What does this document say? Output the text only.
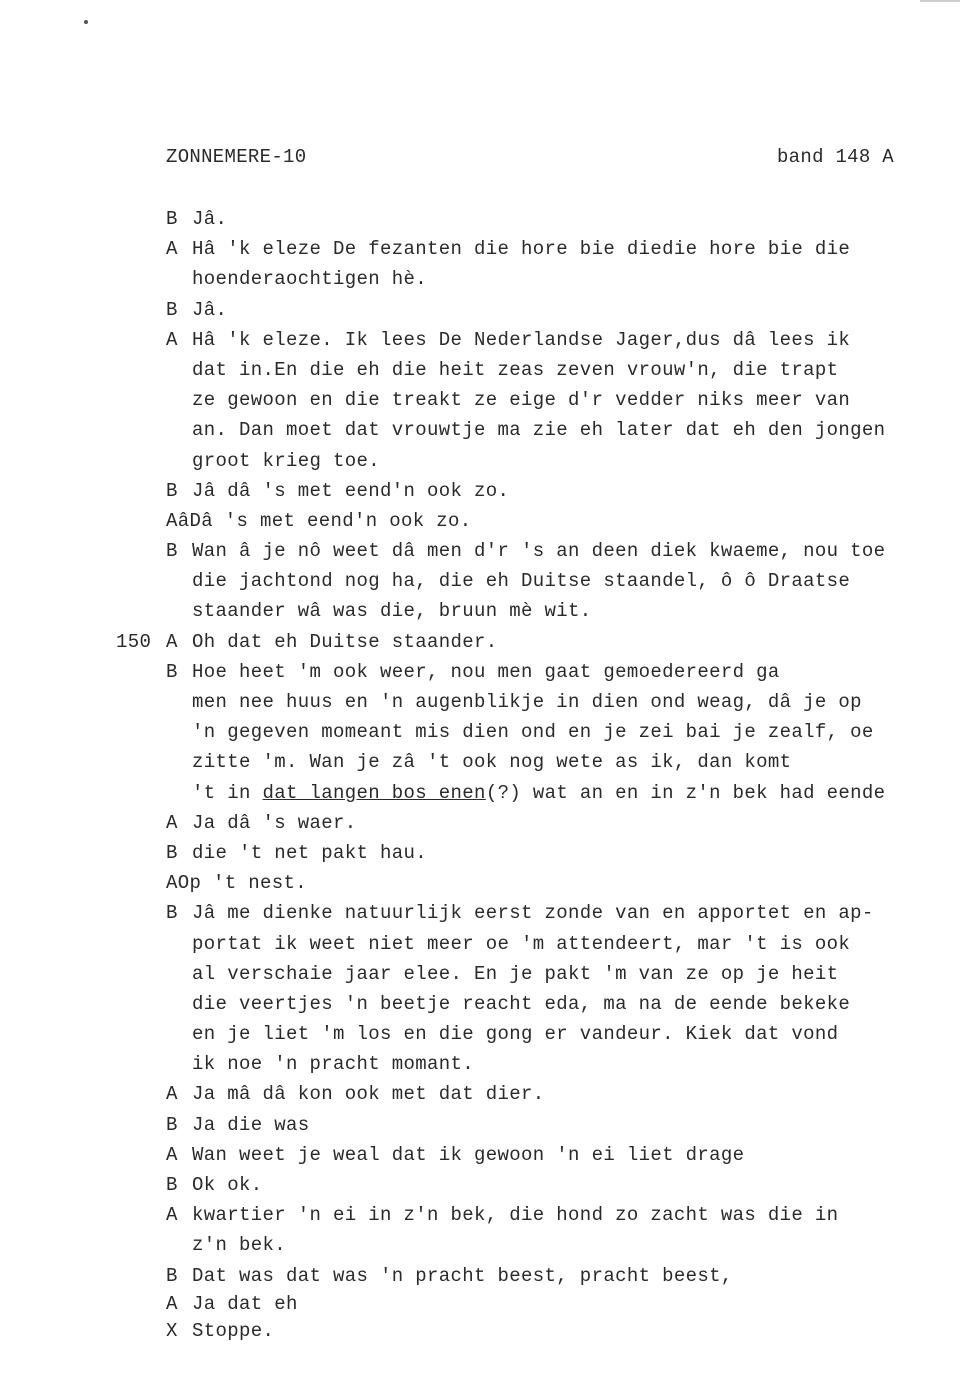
ZONNEMERE-10	band 148 A
B Jâ.
A Hâ 'k eleze De fezanten die hore bie diedie hore bie die
hoenderaochtigen hè.
B Jâ.
A Hâ 'k eleze. Ik lees De Nederlandse Jager,dus dâ lees ik
dat in.En die eh die heit zeas zeven vrouw'n, die trapt
ze gewoon en die treakt ze eige d'r vedder niks meer van
an. Dan moet dat vrouwtje ma zie eh later dat eh den jongen
groot krieg toe.
B Jâ dâ 's met eend'n ook zo.
AâDâ 's met eend'n ook zo.
B Wan â je nô weet dâ men d'r 's an deen diek kwaeme, nou toe
die jachtond nog ha, die eh Duitse staandel, ô ô Draatse
staander wâ was die, bruun mè wit.
150 A Oh dat eh Duitse staander.
B Hoe heet 'm ook weer, nou men gaat gemoedereerd ga
men nee huus en 'n augenblikje in dien ond weag, dâ je op
'n gegeven momeant mis dien ond en je zei bai je zealf, oe
zitte 'm. Wan je zâ 't ook nog wete as ik, dan komt
't in dat langen bos enen(?) wat an en in z'n bek had eende
A Ja dâ 's waer.
B die 't net pakt hau.
AOp 't nest.
B Jâ me dienke natuurlijk eerst zonde van en apportet en ap-
portat ik weet niet meer oe 'm attendeert, mar 't is ook
al verschaie jaar elee. En je pakt 'm van ze op je heit
die veertjes 'n beetje reacht eda, ma na de eende bekeke
en je liet 'm los en die gong er vandeur. Kiek dat vond
ik noe 'n pracht momant.
A Ja mâ dâ kon ook met dat dier.
B Ja die was
A Wan weet je weal dat ik gewoon 'n ei liet drage
B Ok ok.
A kwartier 'n ei in z'n bek, die hond zo zacht was die in
z'n bek.
B Dat was dat was 'n pracht beest, pracht beest,
A Ja dat eh
X Stoppe.
